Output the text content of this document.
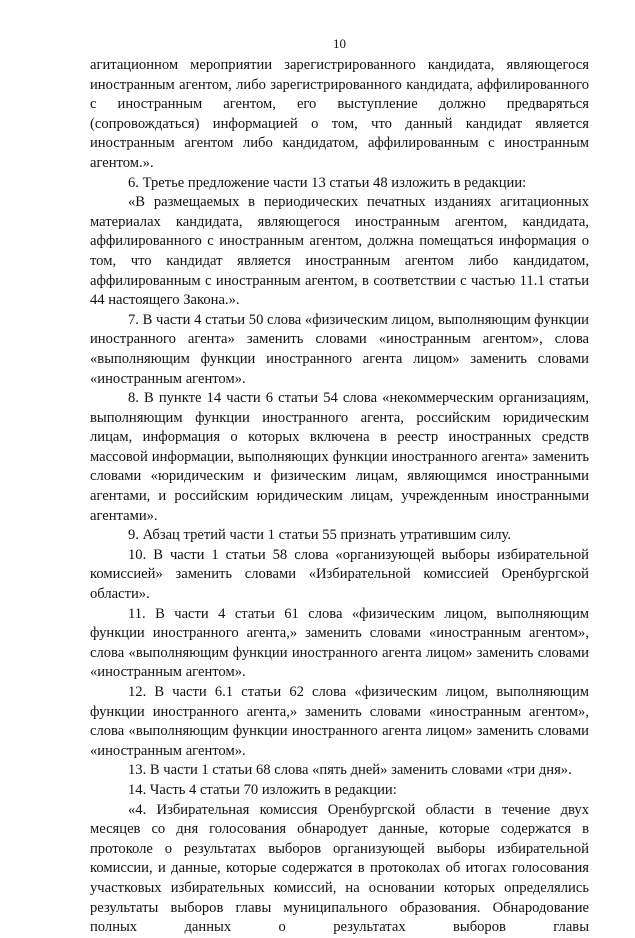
10

агитационном мероприятии зарегистрированного кандидата, являющегося иностранным агентом, либо зарегистрированного кандидата, аффилированного с иностранным агентом, его выступление должно предваряться (сопровождаться) информацией о том, что данный кандидат является иностранным агентом либо кандидатом, аффилированным с иностранным агентом.».

6. Третье предложение части 13 статьи 48 изложить в редакции:

«В размещаемых в периодических печатных изданиях агитационных материалах кандидата, являющегося иностранным агентом, кандидата, аффилированного с иностранным агентом, должна помещаться информация о том, что кандидат является иностранным агентом либо кандидатом, аффилированным с иностранным агентом, в соответствии с частью 11.1 статьи 44 настоящего Закона.».

7. В части 4 статьи 50 слова «физическим лицом, выполняющим функции иностранного агента» заменить словами «иностранным агентом», слова «выполняющим функции иностранного агента лицом» заменить словами «иностранным агентом».

8. В пункте 14 части 6 статьи 54 слова «некоммерческим организациям, выполняющим функции иностранного агента, российским юридическим лицам, информация о которых включена в реестр иностранных средств массовой информации, выполняющих функции иностранного агента» заменить словами «юридическим и физическим лицам, являющимся иностранными агентами, и российским юридическим лицам, учрежденным иностранными агентами».

9. Абзац третий части 1 статьи 55 признать утратившим силу.

10. В части 1 статьи 58 слова «организующей выборы избирательной комиссией» заменить словами «Избирательной комиссией Оренбургской области».

11. В части 4 статьи 61 слова «физическим лицом, выполняющим функции иностранного агента,» заменить словами «иностранным агентом», слова «выполняющим функции иностранного агента лицом» заменить словами «иностранным агентом».

12. В части 6.1 статьи 62 слова «физическим лицом, выполняющим функции иностранного агента,» заменить словами «иностранным агентом», слова «выполняющим функции иностранного агента лицом» заменить словами «иностранным агентом».

13. В части 1 статьи 68 слова «пять дней» заменить словами «три дня».

14. Часть 4 статьи 70 изложить в редакции:

«4. Избирательная комиссия Оренбургской области в течение двух месяцев со дня голосования обнародует данные, которые содержатся в протоколе о результатах выборов организующей выборы избирательной комиссии, и данные, которые содержатся в протоколах об итогах голосования участковых избирательных комиссий, на основании которых определялись результаты выборов главы муниципального образования. Обнародование полных данных о результатах выборов главы
